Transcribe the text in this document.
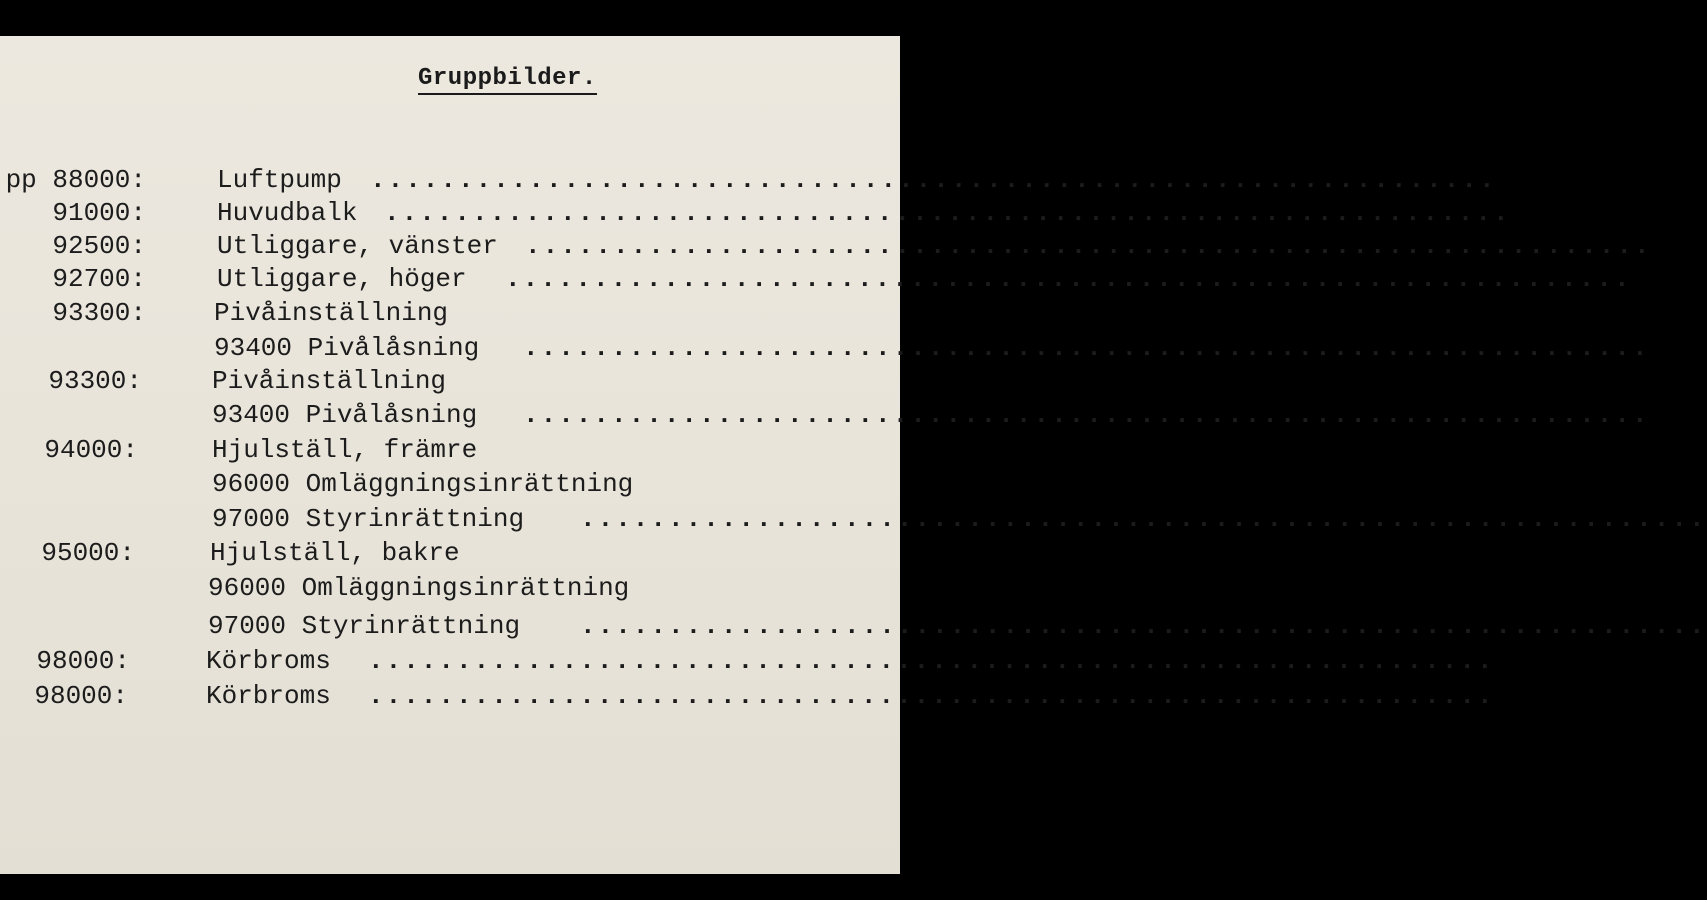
Gruppbilder.
pp 88000:	Luftpump ................................................................
91000:	Huvudbalk ................................................................
92500:	Utliggare, vänster ................................................................
92700:	Utliggare, höger ................................................................
93300:	Pivåinställning
93400 Pivålåsning ................................................................
93300:	Pivåinställning
93400 Pivålåsning ................................................................
94000:	Hjulställ, främre
96000 Omläggningsinrättning
97000 Styrinrättning ................................................................
95000:	Hjulställ, bakre
96000 Omläggningsinrättning
97000 Styrinrättning ................................................................
98000:	Körbroms ................................................................
98000:	Körbroms ................................................................
